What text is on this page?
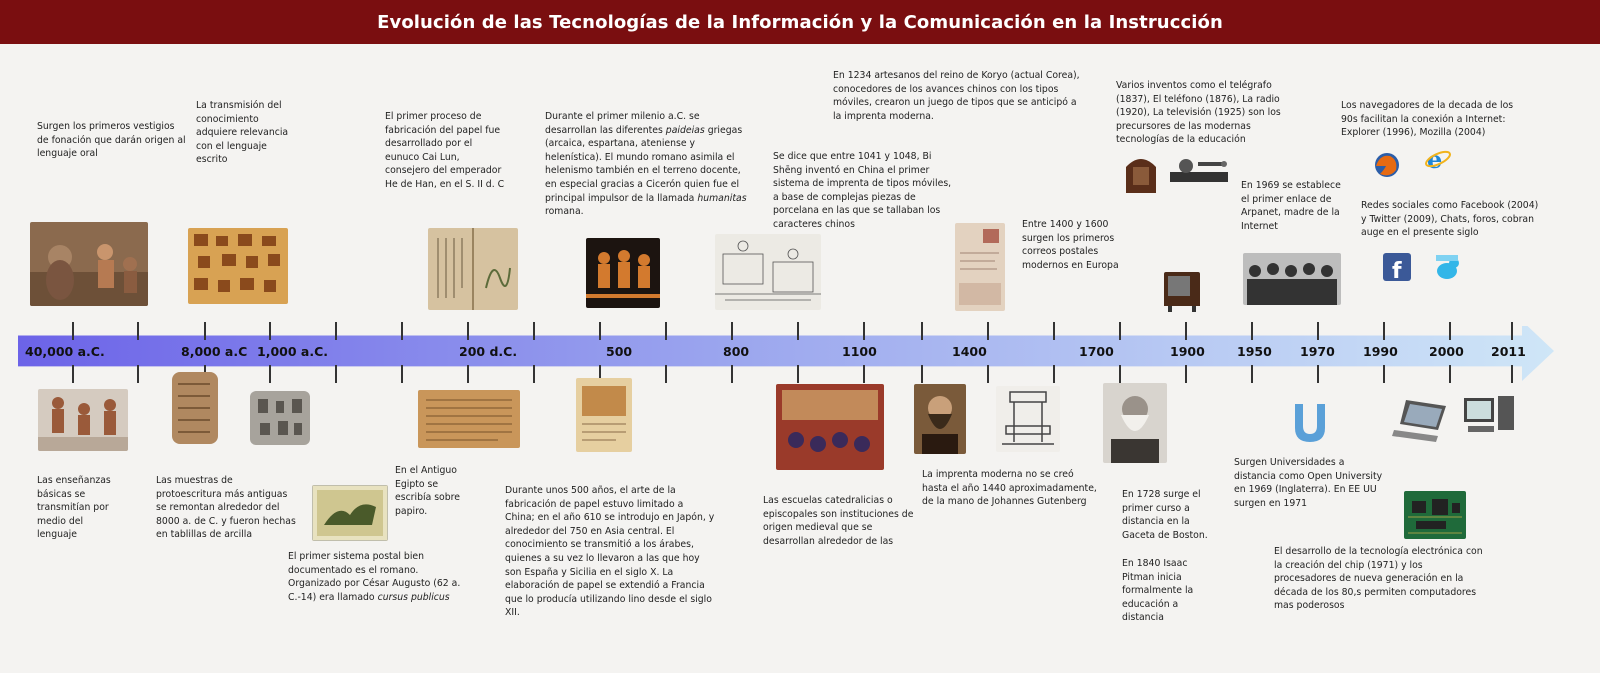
Evolución de las Tecnologías de la Información y la Comunicación en la Instrucción

Surgen los primeros vestigios de fonación que darán origen al lenguaje oral

La transmisión del conocimiento adquiere relevancia con el lenguaje escrito

El primer proceso de fabricación del papel fue desarrollado por el eunuco Cai Lun, consejero del emperador He de Han, en el S. II d. C

Durante el primer milenio a.C. se desarrollan las diferentes paideias griegas (arcaica, espartana, ateniense y helenística). El mundo romano asimila el helenismo también en el terreno docente, en especial gracias a Cicerón quien fue el principal impulsor de la llamada humanitas romana.

Se dice que entre 1041 y 1048, Bi Shēng inventó en China el primer sistema de imprenta de tipos móviles, a base de complejas piezas de porcelana en las que se tallaban los caracteres chinos

En 1234 artesanos del reino de Koryo (actual Corea), conocedores de los avances chinos con los tipos móviles, crearon un juego de tipos que se anticipó a la imprenta moderna.

Entre 1400 y 1600 surgen los primeros correos postales modernos en Europa

Varios inventos como el telégrafo (1837), El teléfono (1876), La radio (1920), La televisión (1925) son los precursores de las modernas tecnologías de la educación

En 1969 se establece el primer enlace de Arpanet, madre de la Internet

Los navegadores de la decada de los 90s facilitan la conexión a Internet: Explorer (1996), Mozilla (2004)

Redes sociales como Facebook (2004) y Twitter (2009), Chats, foros, cobran auge en el presente siglo

e
f
40,000 a.C.	8,000 a.C 1,000 a.C.	200 d.C.	500	800	1100	1400	1700	1900	1950 1970 1990 2000 2011

Las enseñanzas básicas se transmitían por medio del lenguaje

Las muestras de protoescritura más antiguas se remontan alrededor del 8000 a. de C. y fueron hechas en tablillas de arcilla

El primer sistema postal bien documentado es el romano. Organizado por César Augusto (62 a. C.-14) era llamado cursus publicus

En el Antiguo Egipto se escribía sobre papiro.

Durante unos 500 años, el arte de la fabricación de papel estuvo limitado a China; en el año 610 se introdujo en Japón, y alrededor del 750 en Asia central. El conocimiento se transmitió a los árabes, quienes a su vez lo llevaron a las que hoy son España y Sicilia en el siglo X. La elaboración de papel se extendió a Francia que lo producía utilizando lino desde el siglo XII.

Las escuelas catedralicias o episcopales son instituciones de origen medieval que se desarrollan alrededor de las

La imprenta moderna no se creó hasta el año 1440 aproximadamente, de la mano de Johannes Gutenberg

En 1728 surge el primer curso a distancia en la Gaceta de Boston.

En 1840 Isaac Pitman inicia formalmente la educación a distancia

Surgen Universidades a distancia como Open University en 1969 (Inglaterra). En EE UU surgen en 1971

El desarrollo de la tecnología electrónica con la creación del chip (1971) y los procesadores de nueva generación en la década de los 80,s permiten computadores mas poderosos
